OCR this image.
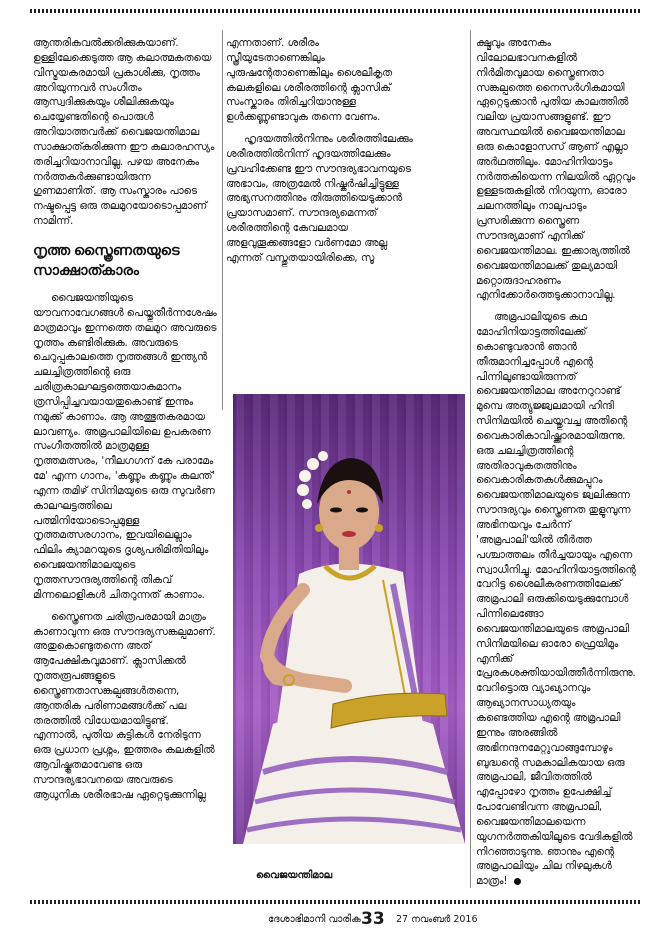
ആന്തരികവൽക്കരിക്കുകയാണ്. ഉള്ളിലേക്കെടുത്ത ആ കലാത്മകതയെ വിസ്മയകരമായി പ്രകാശിക്കു, നൃത്തം അറിയുന്നവർ സംഗീതം ആസ്വദിക്കുകയും ശീലിക്കുകയും ചെയ്യേണ്ടതിന്റെ പൊരുൾ അറിയാത്തവർക്ക് വൈജയന്തിമാല സാക്ഷാത്കരിക്കുന്ന ഈ കലാരഹസ്യം തരിച്ചറിയാനാവില്ല. പഴയ അനേകം നർത്തകർക്കുണ്ടായിരുന്ന ഗുണമാണിത്. ആ സംസ്കാരം പാടെ നഷ്ടപ്പെട്ട ഒരു തലമുറയോടൊപ്പമാണ് നാമിന്ന്.

നൃത്ത സ്ത്രൈണതയുടെ സാക്ഷാത്കാരം

വൈജയന്തിയുടെ യൗവനാവേഗങ്ങൾ പെയ്തുതീർന്നശേഷം മാത്രമാവും ഇന്നത്തെ തലമുറ അവരുടെ നൃത്തം കണ്ടിരിക്കുക. അവരുടെ ചെറുപ്പകാലത്തെ നൃത്തങ്ങൾ ഇന്ത്യൻ ചലച്ചിത്രത്തിന്റെ ഒരു ചരിത്രകാലഘട്ടത്തെയാകമാനം ത്രസിപ്പിച്ചവയായതുകൊണ്ട് ഇന്നും നമുക്ക് കാണാം. ആ അത്ഭുതകരമായ ലാവണ്യം. അമ്രപാലിയിലെ ഉപകരണ സംഗീതത്തിൽ മാത്രമുള്ള നൃത്തമത്സരം, 'നീലഗഗന് കേ പരാമേം മേ' എന്ന ഗാനം, 'കണ്ണും കണ്ണും കലന്ത്' എന്ന തമിഴ് സിനിമയുടെ ഒരു സുവർണ കാലഘട്ടത്തിലെ പത്മിനിയോടൊപ്പമുള്ള നൃത്തമത്സരഗാനം, ഇവയിലെല്ലാം ഫിലിം ക്യാമറയുടെ ദൃശ്യപരിമിതിയിലും വൈജയന്തിമാലയുടെ നൃത്തസൗന്ദര്യത്തിന്റെ തികവ് മിന്നലൊളികൾ ചിതറുന്നത് കാണാം.

സ്ത്രൈണത ചരിത്രപരമായി മാത്രം കാണാവുന്ന ഒരു സൗന്ദര്യസങ്കല്പമാണ്. അതുകൊണ്ടുതന്നെ അത് ആപേക്ഷികവുമാണ്. ക്ലാസിക്കൽ നൃത്തരൂപങ്ങളുടെ സ്ത്രൈണതാസങ്കല്പങ്ങൾതന്നെ, ആന്തരിക പരിണാമങ്ങൾക്ക് പല തരത്തിൽ വിധേയമായിട്ടുണ്ട്. എന്നാൽ, പുതിയ കുട്ടികൾ നേരിടുന്ന ഒരു പ്രധാന പ്രശ്നം, ഇത്തരം കലകളിൽ ആവിഷ്കൃതമാവേണ്ട ഒരു സൗന്ദര്യഭാവനയെ അവരുടെ ആധുനിക ശരീരഭാഷ ഏറ്റെടുക്കുന്നില്ല

എന്നതാണ്. ശരീരം സ്ത്രീയുടേതാണെങ്കിലും പുരുഷന്റേതാണെങ്കിലും ശൈലീകൃത കലകളിലെ ശരീരത്തിന്റെ ക്ലാസിക് സംസ്കാരം തിരിച്ചറിയാനുള്ള ഉൾക്കണ്ണുണ്ടാവുക തന്നെ വേണം.

ഹൃദയത്തിൽനിന്നും ശരീരത്തിലേക്കും ശരീരത്തിൽനിന്ന് ഹൃദയത്തിലേക്കും പ്രവഹിക്കേണ്ട ഈ സൗന്ദര്യഭാവനയുടെ അഭാവം, അത്രമേൽ നിഷ്കർഷിച്ചിട്ടുള്ള അഭ്യസനത്തിനും തിരുത്തിയെടുക്കാൻ പ്രയാസമാണ്. സൗന്ദര്യമെന്നത് ശരീരത്തിന്റെ കേവലമായ അളവുതൂക്കങ്ങളോ വർണമോ അല്ല എന്നത് വസ്തുതയായിരിക്കെ, സൂ

— · — · — · —
വൈജയന്തിമാല

ക്ഷ്മവും അനേകം വിലോലഭാവനകളിൽ നിർമിതവുമായ സ്ത്രൈണതാ സങ്കല്പത്തെ നൈസർഗികമായി ഏറ്റെടുക്കാൻ പുതിയ കാലത്തിൽ വലിയ പ്രയാസങ്ങളുണ്ട്. ഈ അവസ്ഥയിൽ വൈജയന്തിമാല ഒരു കൊളോസസ് ആണ് എല്ലാ അർഥത്തിലും. മോഹിനിയാട്ടം നർത്തകിയെന്ന നിലയിൽ ഏറ്റവും ഉള്ളടരുകളിൽ നിറയുന്ന, ഓരോ ചലനത്തിലും നാലുപാടും പ്രസരിക്കുന്ന സ്ത്രൈണ സൗന്ദര്യമാണ് എനിക്ക് വൈജയന്തിമാല. ഇക്കാര്യത്തിൽ വൈജയന്തിമാലക്ക് തുല്യമായി മറ്റൊരുദാഹരണം എനിക്കോർത്തെടുക്കാനാവില്ല.

അമ്രപാലിയുടെ കഥ മോഹിനിയാട്ടത്തിലേക്ക് കൊണ്ടുവരാൻ ഞാൻ തീരുമാനിച്ചപ്പോൾ എന്റെ പിന്നിലുണ്ടായിരുന്നത് വൈജയന്തിമാല അനേറുറാണ്ട് മുമ്പെ അത്യുജ്ജ്വലമായി ഹിന്ദി സിനിമയിൽ ചെയ്തുവച്ച അതിന്റെ വൈകാരികാവിഷ്ക്കാരമായിരുന്നു. ഒരു ചലച്ചിത്രത്തിന്റെ അതിരാവുകതത്തിനും വൈകാരികതകൾക്കുമപ്പുറം വൈജയന്തിമാലയുടെ ജ്വലിക്കുന്ന സൗന്ദര്യവും സ്ത്രൈണത തുളുമ്പുന്ന അഭിനയവും ചേർന്ന് 'അമ്രപാലി'യിൽ തീർത്ത പശ്ചാത്തലം തീർച്ചയായും എന്നെ സ്വാധീനിച്ചു. മോഹിനിയാട്ടത്തിന്റെ വേറിട്ട ശൈലീകരണത്തിലേക്ക് അമ്രപാലി ഒരുക്കിയെടുക്കുമ്പോൾ പിന്നിലെങ്ങോ വൈജയന്തിമാലയുടെ അമ്രപാലി സിനിമയിലെ ഓരോ ഫ്രെയിമും എനിക്ക് പ്രേരകശക്തിയായിത്തീർന്നിരുന്നു. വേറിട്ടൊരു വ്യാഖ്യാനവും ആഖ്യാനസാധ്യതയും കണ്ടെത്തിയ എന്റെ അമ്രപാലി ഇന്നും അരങ്ങിൽ അഭിനന്ദനമേറ്റുവാങ്ങുമ്പോഴും ബുദ്ധന്റെ സമകാലികയായ ഒരു അമ്രപാലി, ജീവിതത്തിൽ എപ്പോഴോ നൃത്തം ഉപേക്ഷിച്ച് പോവേണ്ടിവന്ന അമ്രപാലി, വൈജയന്തിമാലയെന്ന യുഗനർത്തകിയിലൂടെ വേദികളിൽ നിറഞ്ഞാടുന്നു. ഞാനും എന്റെ അമ്രപാലിയും ചില നിഴലുകൾ മാത്രം!

ദേശാഭിമാനി വാരിക 33 27 നവംബർ 2016
